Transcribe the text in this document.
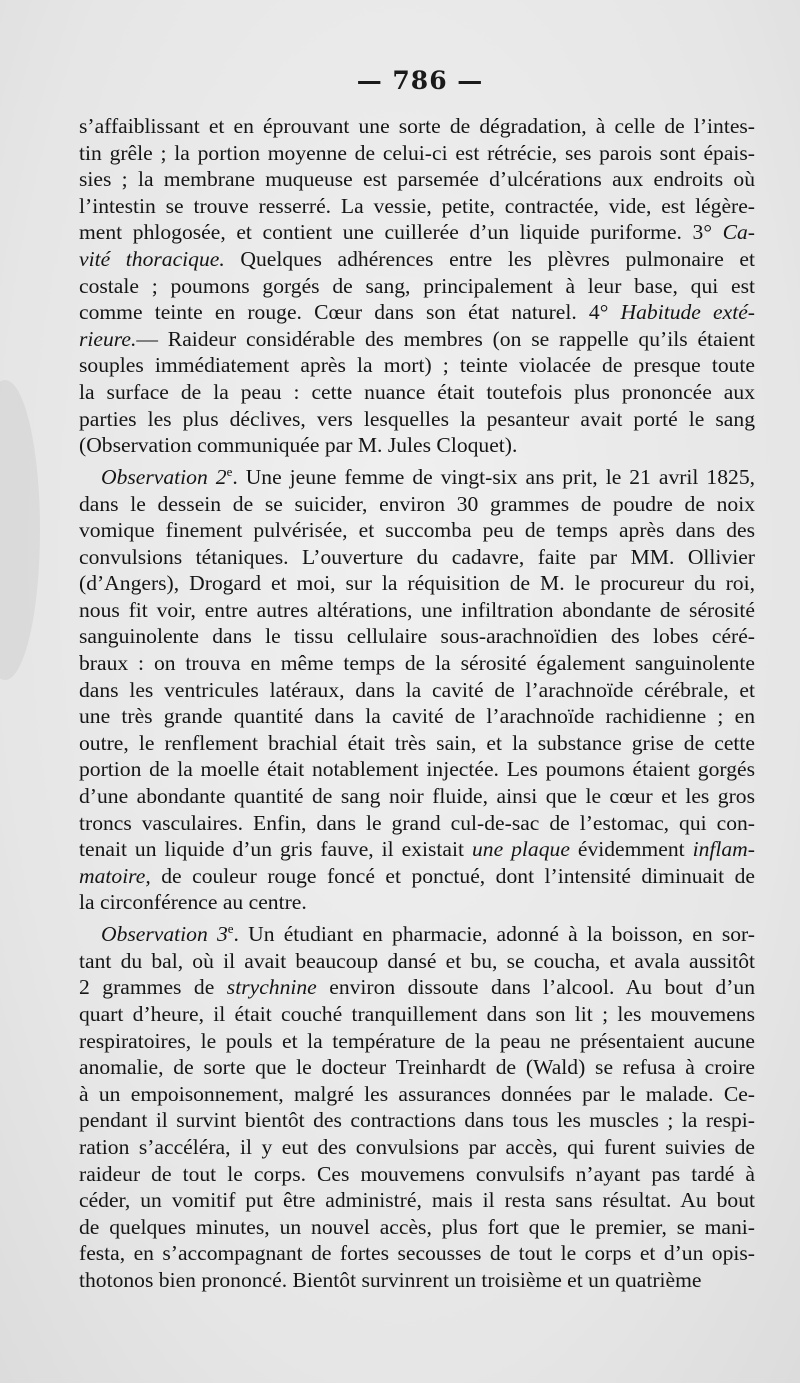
— 786 —
s’affaiblissant et en éprouvant une sorte de dégradation, à celle de l’intes-
tin grêle ; la portion moyenne de celui-ci est rétrécie, ses parois sont épais-
sies ; la membrane muqueuse est parsemée d’ulcérations aux endroits où
l’intestin se trouve resserré. La vessie, petite, contractée, vide, est légère-
ment phlogosée, et contient une cuillerée d’un liquide puriforme. 3° Ca-
vité thoracique. Quelques adhérences entre les plèvres pulmonaire et
costale ; poumons gorgés de sang, principalement à leur base, qui est
comme teinte en rouge. Cœur dans son état naturel. 4° Habitude exté-
rieure.— Raideur considérable des membres (on se rappelle qu’ils étaient
souples immédiatement après la mort) ; teinte violacée de presque toute
la surface de la peau : cette nuance était toutefois plus prononcée aux
parties les plus déclives, vers lesquelles la pesanteur avait porté le sang
(Observation communiquée par M. Jules Cloquet).
Observation 2e. Une jeune femme de vingt-six ans prit, le 21 avril 1825,
dans le dessein de se suicider, environ 30 grammes de poudre de noix
vomique finement pulvérisée, et succomba peu de temps après dans des
convulsions tétaniques. L’ouverture du cadavre, faite par MM. Ollivier
(d’Angers), Drogard et moi, sur la réquisition de M. le procureur du roi,
nous fit voir, entre autres altérations, une infiltration abondante de sérosité
sanguinolente dans le tissu cellulaire sous-arachnoïdien des lobes céré-
braux : on trouva en même temps de la sérosité également sanguinolente
dans les ventricules latéraux, dans la cavité de l’arachnoïde cérébrale, et
une très grande quantité dans la cavité de l’arachnoïde rachidienne ; en
outre, le renflement brachial était très sain, et la substance grise de cette
portion de la moelle était notablement injectée. Les poumons étaient gorgés
d’une abondante quantité de sang noir fluide, ainsi que le cœur et les gros
troncs vasculaires. Enfin, dans le grand cul-de-sac de l’estomac, qui con-
tenait un liquide d’un gris fauve, il existait une plaque évidemment inflam-
matoire, de couleur rouge foncé et ponctué, dont l’intensité diminuait de
la circonférence au centre.
Observation 3e. Un étudiant en pharmacie, adonné à la boisson, en sor-
tant du bal, où il avait beaucoup dansé et bu, se coucha, et avala aussitôt
2 grammes de strychnine environ dissoute dans l’alcool. Au bout d’un
quart d’heure, il était couché tranquillement dans son lit ; les mouvemens
respiratoires, le pouls et la température de la peau ne présentaient aucune
anomalie, de sorte que le docteur Treinhardt de (Wald) se refusa à croire
à un empoisonnement, malgré les assurances données par le malade. Ce-
pendant il survint bientôt des contractions dans tous les muscles ; la respi-
ration s’accéléra, il y eut des convulsions par accès, qui furent suivies de
raideur de tout le corps. Ces mouvemens convulsifs n’ayant pas tardé à
céder, un vomitif put être administré, mais il resta sans résultat. Au bout
de quelques minutes, un nouvel accès, plus fort que le premier, se mani-
festa, en s’accompagnant de fortes secousses de tout le corps et d’un opis-
thotonos bien prononcé. Bientôt survinrent un troisième et un quatrième
